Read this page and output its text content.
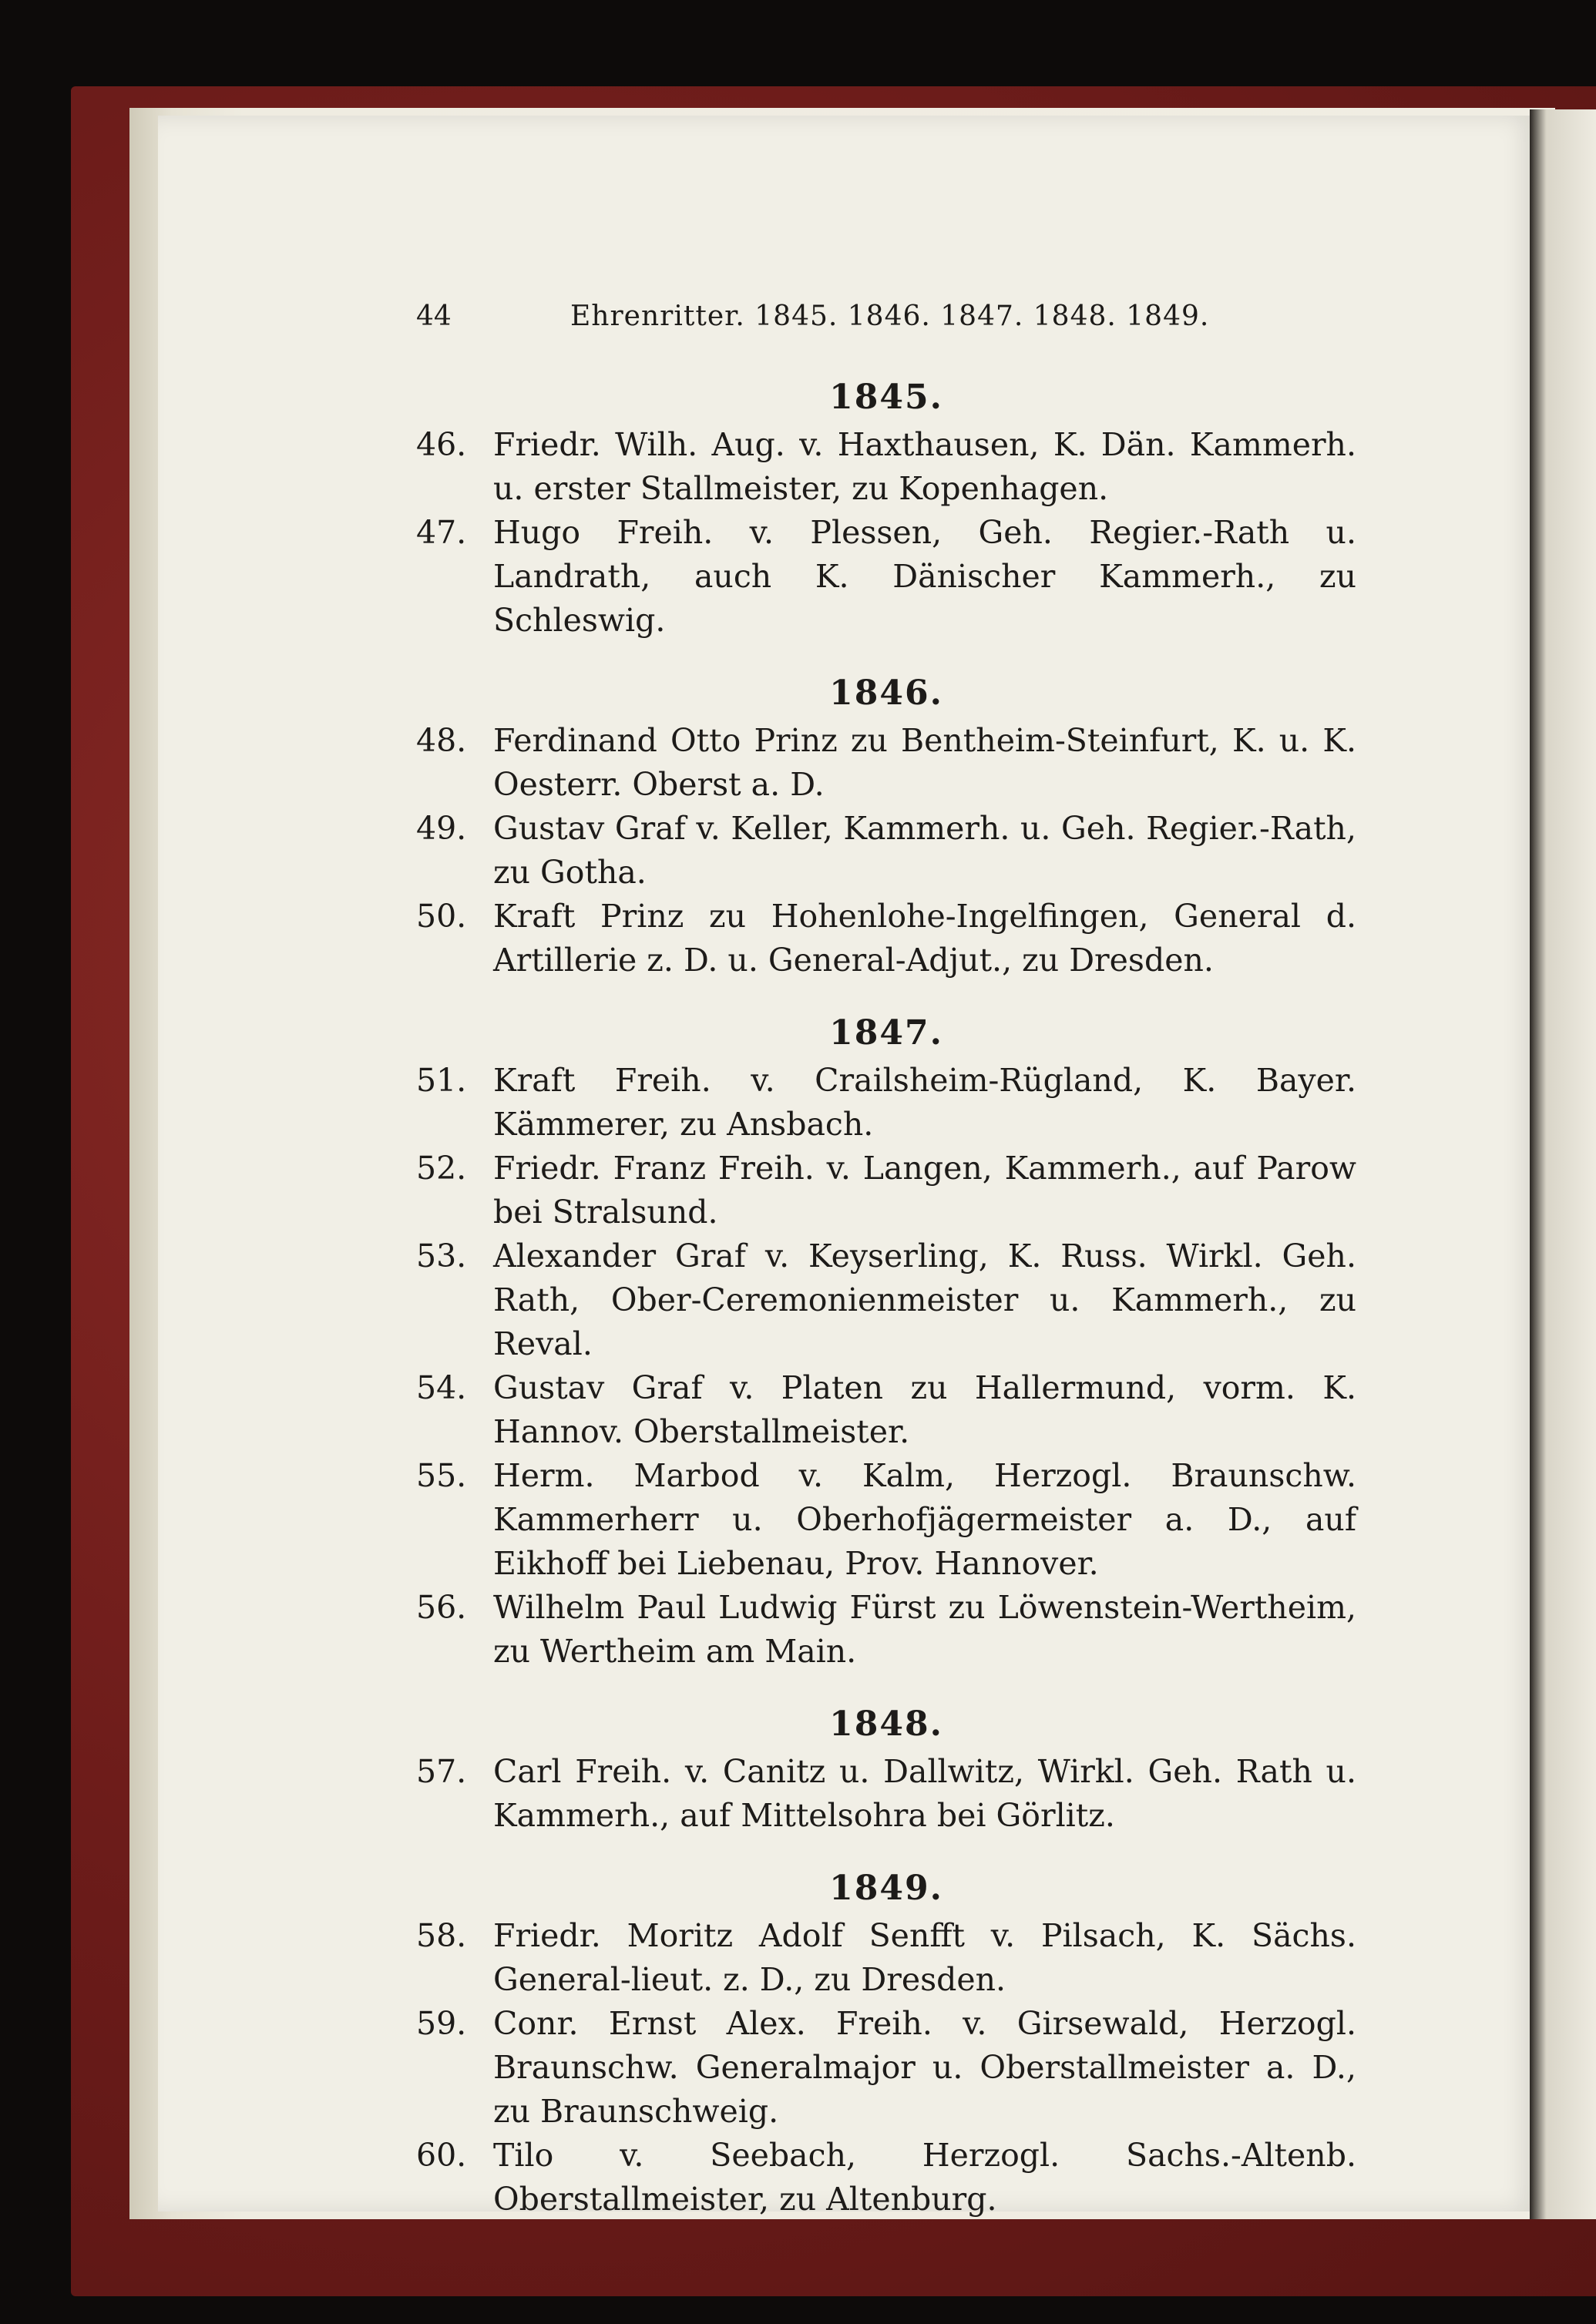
44	Ehrenritter. 1845. 1846. 1847. 1848. 1849.
1845.

46. Friedr. Wilh. Aug. v. Haxthausen, K. Dän. Kammerh. u. erster Stallmeister, zu Kopenhagen.

47. Hugo Freih. v. Plessen, Geh. Regier.-Rath u. Landrath, auch K. Dänischer Kammerh., zu Schleswig.

1846.

48. Ferdinand Otto Prinz zu Bentheim-Steinfurt, K. u. K. Oesterr. Oberst a. D.

49. Gustav Graf v. Keller, Kammerh. u. Geh. Regier.-Rath, zu Gotha.

50. Kraft Prinz zu Hohenlohe-Ingelfingen, General d. Artillerie z. D. u. General-Adjut., zu Dresden.

1847.

51. Kraft Freih. v. Crailsheim-Rügland, K. Bayer. Kämmerer, zu Ansbach.

52. Friedr. Franz Freih. v. Langen, Kammerh., auf Parow bei Stralsund.

53. Alexander Graf v. Keyserling, K. Russ. Wirkl. Geh. Rath, Ober-Ceremonienmeister u. Kammerh., zu Reval.

54. Gustav Graf v. Platen zu Hallermund, vorm. K. Hannov. Oberstallmeister.

55. Herm. Marbod v. Kalm, Herzogl. Braunschw. Kammerherr u. Oberhofjägermeister a. D., auf Eikhoff bei Liebenau, Prov. Hannover.

56. Wilhelm Paul Ludwig Fürst zu Löwenstein-Wertheim, zu Wertheim am Main.

1848.

57. Carl Freih. v. Canitz u. Dallwitz, Wirkl. Geh. Rath u. Kammerh., auf Mittelsohra bei Görlitz.

1849.

58. Friedr. Moritz Adolf Senfft v. Pilsach, K. Sächs. General-lieut. z. D., zu Dresden.

59. Conr. Ernst Alex. Freih. v. Girsewald, Herzogl. Braunschw. Generalmajor u. Oberstallmeister a. D., zu Braunschweig.

60. Tilo v. Seebach, Herzogl. Sachs.-Altenb. Oberstallmeister, zu Altenburg.
